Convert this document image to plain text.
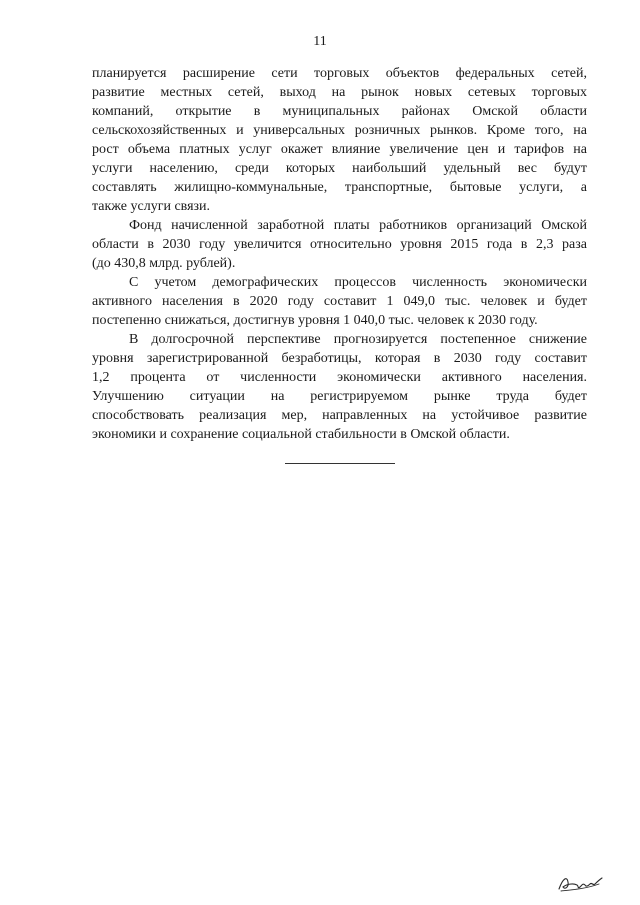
11
планируется расширение сети торговых объектов федеральных сетей,
развитие местных сетей, выход на рынок новых сетевых торговых
компаний, открытие в муниципальных районах Омской области
сельскохозяйственных и универсальных розничных рынков. Кроме того, на
рост объема платных услуг окажет влияние увеличение цен и тарифов на
услуги населению, среди которых наибольший удельный вес будут
составлять жилищно-коммунальные, транспортные, бытовые услуги, а
также услуги связи.
Фонд начисленной заработной платы работников организаций Омской
области в 2030 году увеличится относительно уровня 2015 года в 2,3 раза
(до 430,8 млрд. рублей).
С учетом демографических процессов численность экономически
активного населения в 2020 году составит 1 049,0 тыс. человек и будет
постепенно снижаться, достигнув уровня 1 040,0 тыс. человек к 2030 году.
В долгосрочной перспективе прогнозируется постепенное снижение
уровня зарегистрированной безработицы, которая в 2030 году составит
1,2 процента от численности экономически активного населения.
Улучшению ситуации на регистрируемом рынке труда будет
способствовать реализация мер, направленных на устойчивое развитие
экономики и сохранение социальной стабильности в Омской области.
